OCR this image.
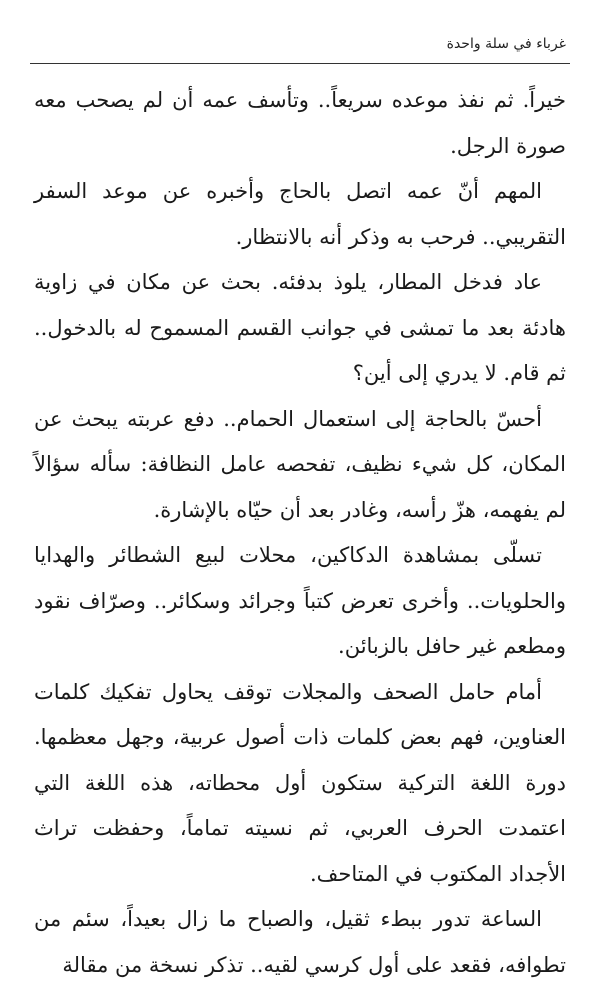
غرباء في سلة واحدة

خيراً. ثم نفذ موعده سريعاً.. وتأسف عمه أن لم يصحب معه صورة الرجل.

المهم أنّ عمه اتصل بالحاج وأخبره عن موعد السفر التقريبي.. فرحب به وذكر أنه بالانتظار.

عاد فدخل المطار، يلوذ بدفئه. بحث عن مكان في زاوية هادئة بعد ما تمشى في جوانب القسم المسموح له بالدخول.. ثم قام. لا يدري إلى أين؟

أحسّ بالحاجة إلى استعمال الحمام.. دفع عربته يبحث عن المكان، كل شيء نظيف، تفحصه عامل النظافة: سأله سؤالاً لم يفهمه، هزّ رأسه، وغادر بعد أن حيّاه بالإشارة.

تسلّى بمشاهدة الدكاكين، محلات لبيع الشطائر والهدايا والحلويات.. وأخرى تعرض كتباً وجرائد وسكائر.. وصرّاف نقود ومطعم غير حافل بالزبائن.

أمام حامل الصحف والمجلات توقف يحاول تفكيك كلمات العناوين، فهم بعض كلمات ذات أصول عربية، وجهل معظمها. دورة اللغة التركية ستكون أول محطاته، هذه اللغة التي اعتمدت الحرف العربي، ثم نسيته تماماً، وحفظت تراث الأجداد المكتوب في المتاحف.

الساعة تدور ببطء ثقيل، والصباح ما زال بعيداً، سئم من تطوافه، فقعد على أول كرسي لقيه.. تذكر نسخة من مقالة
